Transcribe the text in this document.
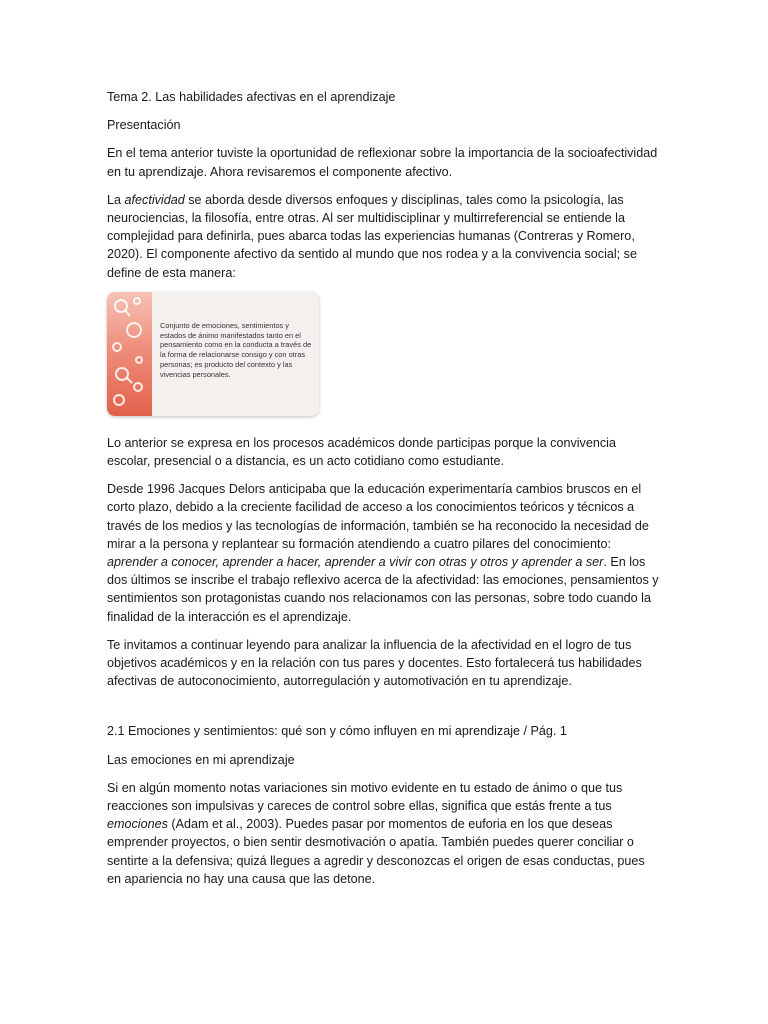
Tema 2. Las habilidades afectivas en el aprendizaje

Presentación

En el tema anterior tuviste la oportunidad de reflexionar sobre la importancia de la socioafectividad en tu aprendizaje. Ahora revisaremos el componente afectivo.

La afectividad se aborda desde diversos enfoques y disciplinas, tales como la psicología, las neurociencias, la filosofía, entre otras. Al ser multidisciplinar y multirreferencial se entiende la complejidad para definirla, pues abarca todas las experiencias humanas (Contreras y Romero, 2020). El componente afectivo da sentido al mundo que nos rodea y a la convivencia social; se define de esta manera:

Conjunto de emociones, sentimientos y estados de ánimo manifestados tanto en el pensamiento como en la conducta a través de la forma de relacionarse consigo y con otras personas; es producto del contexto y las vivencias personales.

Lo anterior se expresa en los procesos académicos donde participas porque la convivencia escolar, presencial o a distancia, es un acto cotidiano como estudiante.

Desde 1996 Jacques Delors anticipaba que la educación experimentaría cambios bruscos en el corto plazo, debido a la creciente facilidad de acceso a los conocimientos teóricos y técnicos a través de los medios y las tecnologías de información, también se ha reconocido la necesidad de mirar a la persona y replantear su formación atendiendo a cuatro pilares del conocimiento: aprender a conocer, aprender a hacer, aprender a vivir con otras y otros y aprender a ser. En los dos últimos se inscribe el trabajo reflexivo acerca de la afectividad: las emociones, pensamientos y sentimientos son protagonistas cuando nos relacionamos con las personas, sobre todo cuando la finalidad de la interacción es el aprendizaje.

Te invitamos a continuar leyendo para analizar la influencia de la afectividad en el logro de tus objetivos académicos y en la relación con tus pares y docentes. Esto fortalecerá tus habilidades afectivas de autoconocimiento, autorregulación y automotivación en tu aprendizaje.

2.1 Emociones y sentimientos: qué son y cómo influyen en mi aprendizaje / Pág. 1

Las emociones en mi aprendizaje

Si en algún momento notas variaciones sin motivo evidente en tu estado de ánimo o que tus reacciones son impulsivas y careces de control sobre ellas, significa que estás frente a tus emociones (Adam et al., 2003). Puedes pasar por momentos de euforia en los que deseas emprender proyectos, o bien sentir desmotivación o apatía. También puedes querer conciliar o sentirte a la defensiva; quizá llegues a agredir y desconozcas el origen de esas conductas, pues en apariencia no hay una causa que las detone.
